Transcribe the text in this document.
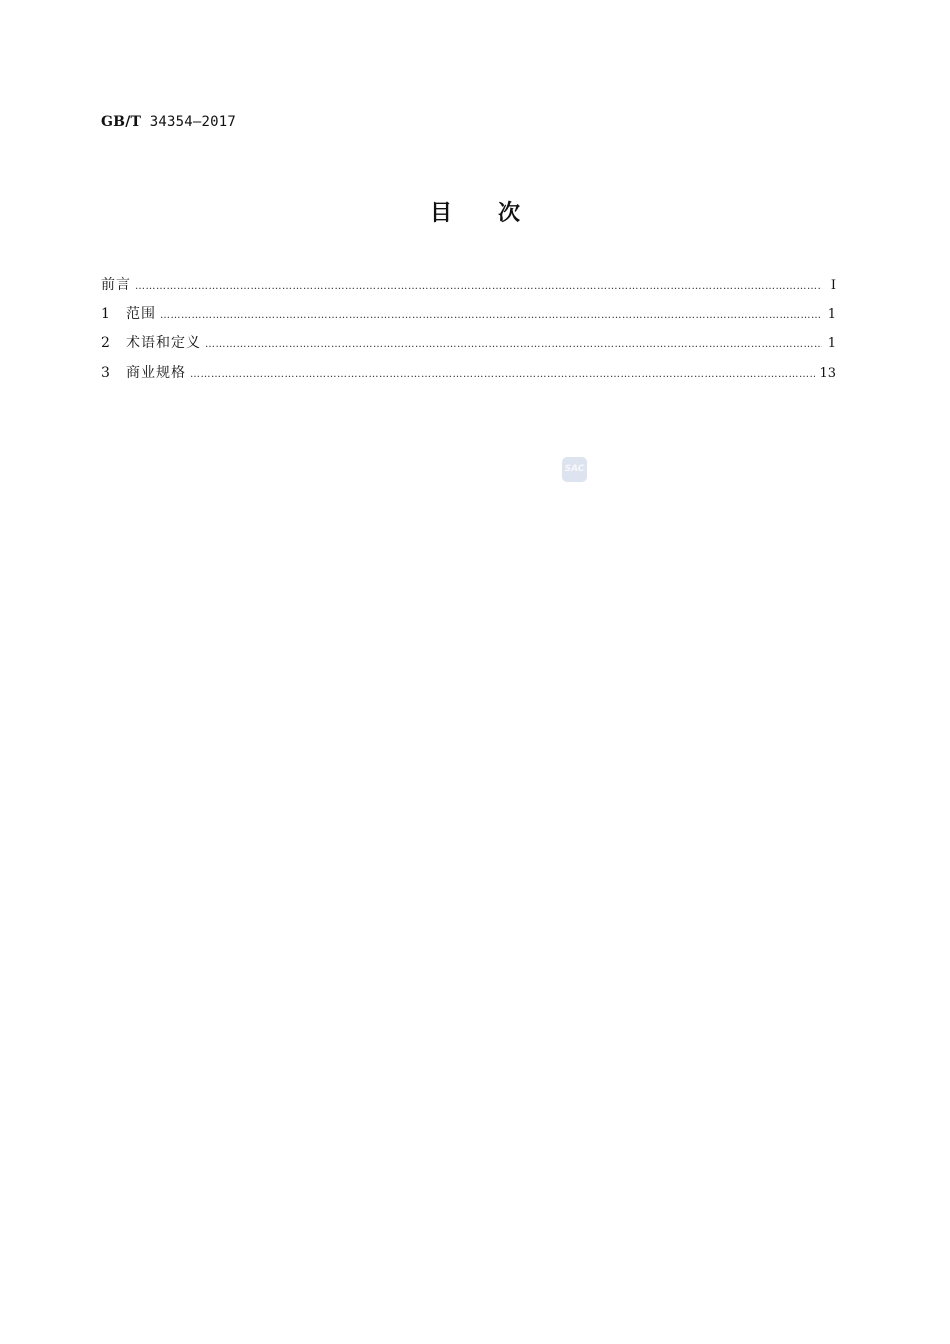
GB/T 34354—2017
目次
前言 ……………………………………………………………………………………………………………………………………………………………………………………………………………………	Ⅰ
1	范围 ……………………………………………………………………………………………………………………………………………………………………………………………………………………	1
2	术语和定义 ……………………………………………………………………………………………………………………………………………………………………………………………………………………	1
3	商业规格 ……………………………………………………………………………………………………………………………………………………………………………………………………………………	13
SAC
